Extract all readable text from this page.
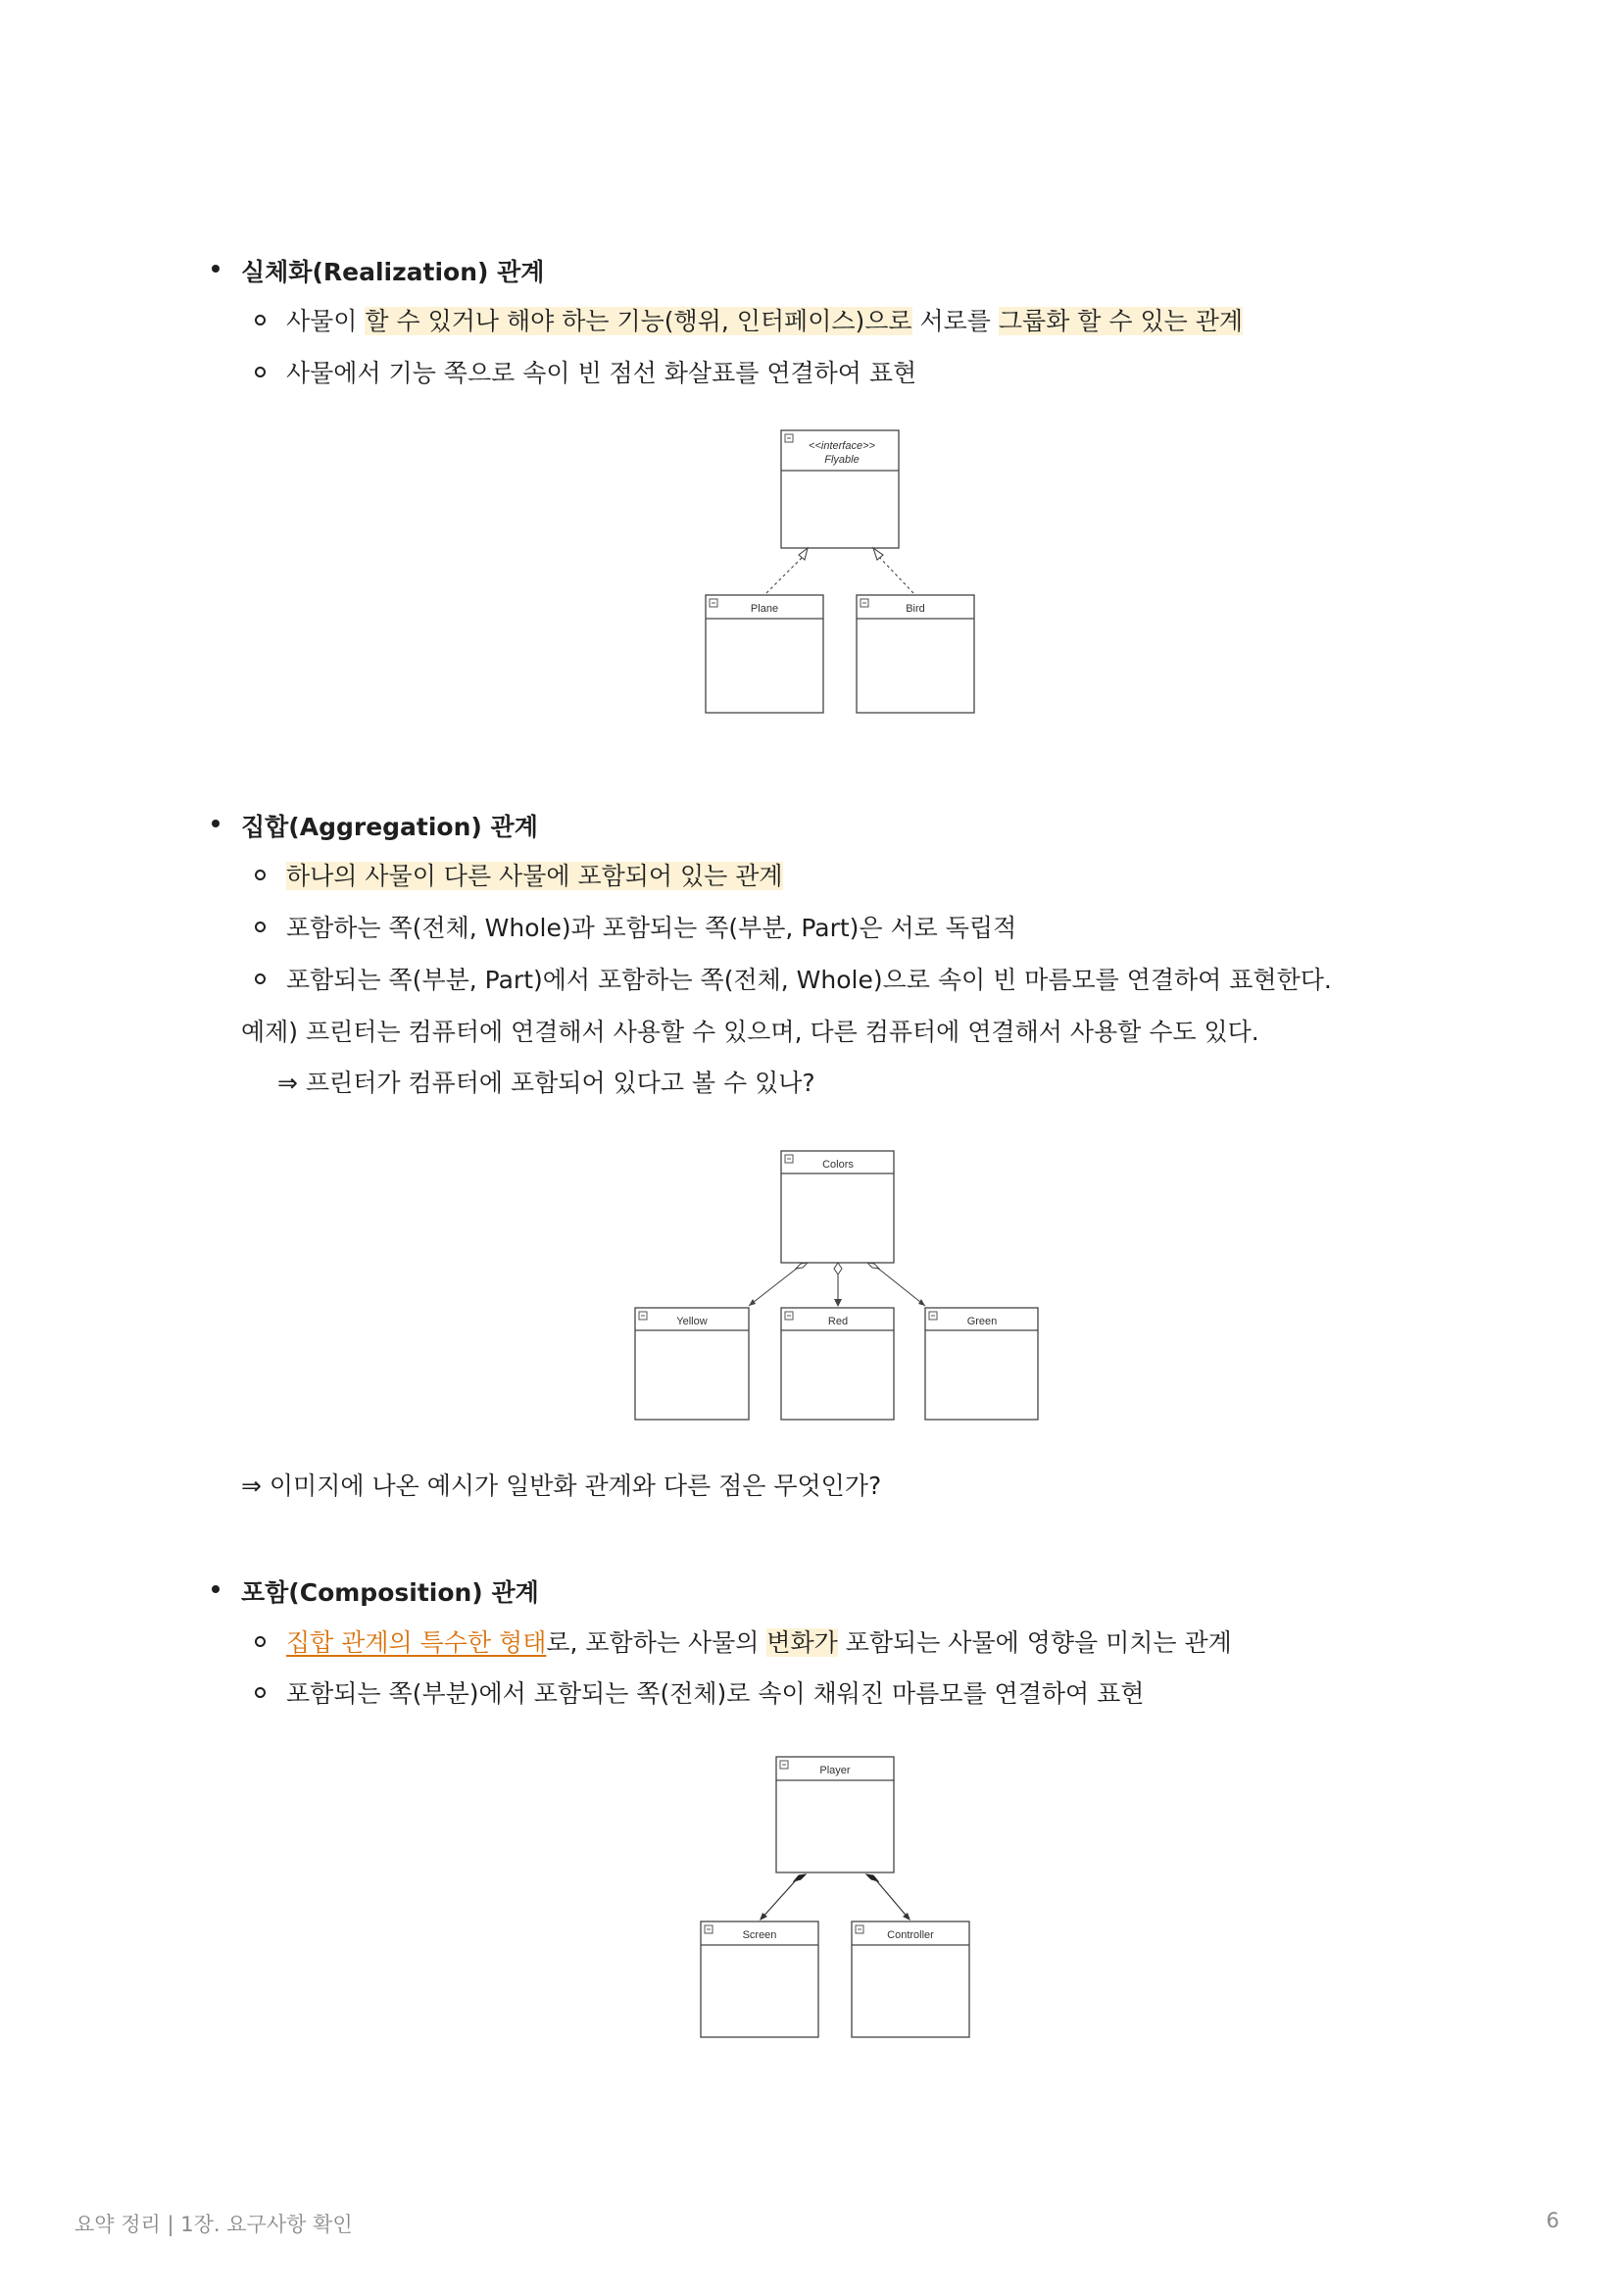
실체화(Realization) 관계
사물이 할 수 있거나 해야 하는 기능(행위, 인터페이스)으로 서로를 그룹화 할 수 있는 관계
사물에서 기능 쪽으로 속이 빈 점선 화살표를 연결하여 표현
<<interface>>
Flyable
Plane	Bird
집합(Aggregation) 관계
하나의 사물이 다른 사물에 포함되어 있는 관계
포함하는 쪽(전체, Whole)과 포함되는 쪽(부분, Part)은 서로 독립적
포함되는 쪽(부분, Part)에서 포함하는 쪽(전체, Whole)으로 속이 빈 마름모를 연결하여 표현한다.
예제) 프린터는 컴퓨터에 연결해서 사용할 수 있으며, 다른 컴퓨터에 연결해서 사용할 수도 있다.
⇒ 프린터가 컴퓨터에 포함되어 있다고 볼 수 있나?
Colors
Yellow	Red	Green
⇒ 이미지에 나온 예시가 일반화 관계와 다른 점은 무엇인가?
포함(Composition) 관계
집합 관계의 특수한 형태로, 포함하는 사물의 변화가 포함되는 사물에 영향을 미치는 관계
포함되는 쪽(부분)에서 포함되는 쪽(전체)로 속이 채워진 마름모를 연결하여 표현
Player
Screen	Controller
요약 정리 | 1장. 요구사항 확인	6
